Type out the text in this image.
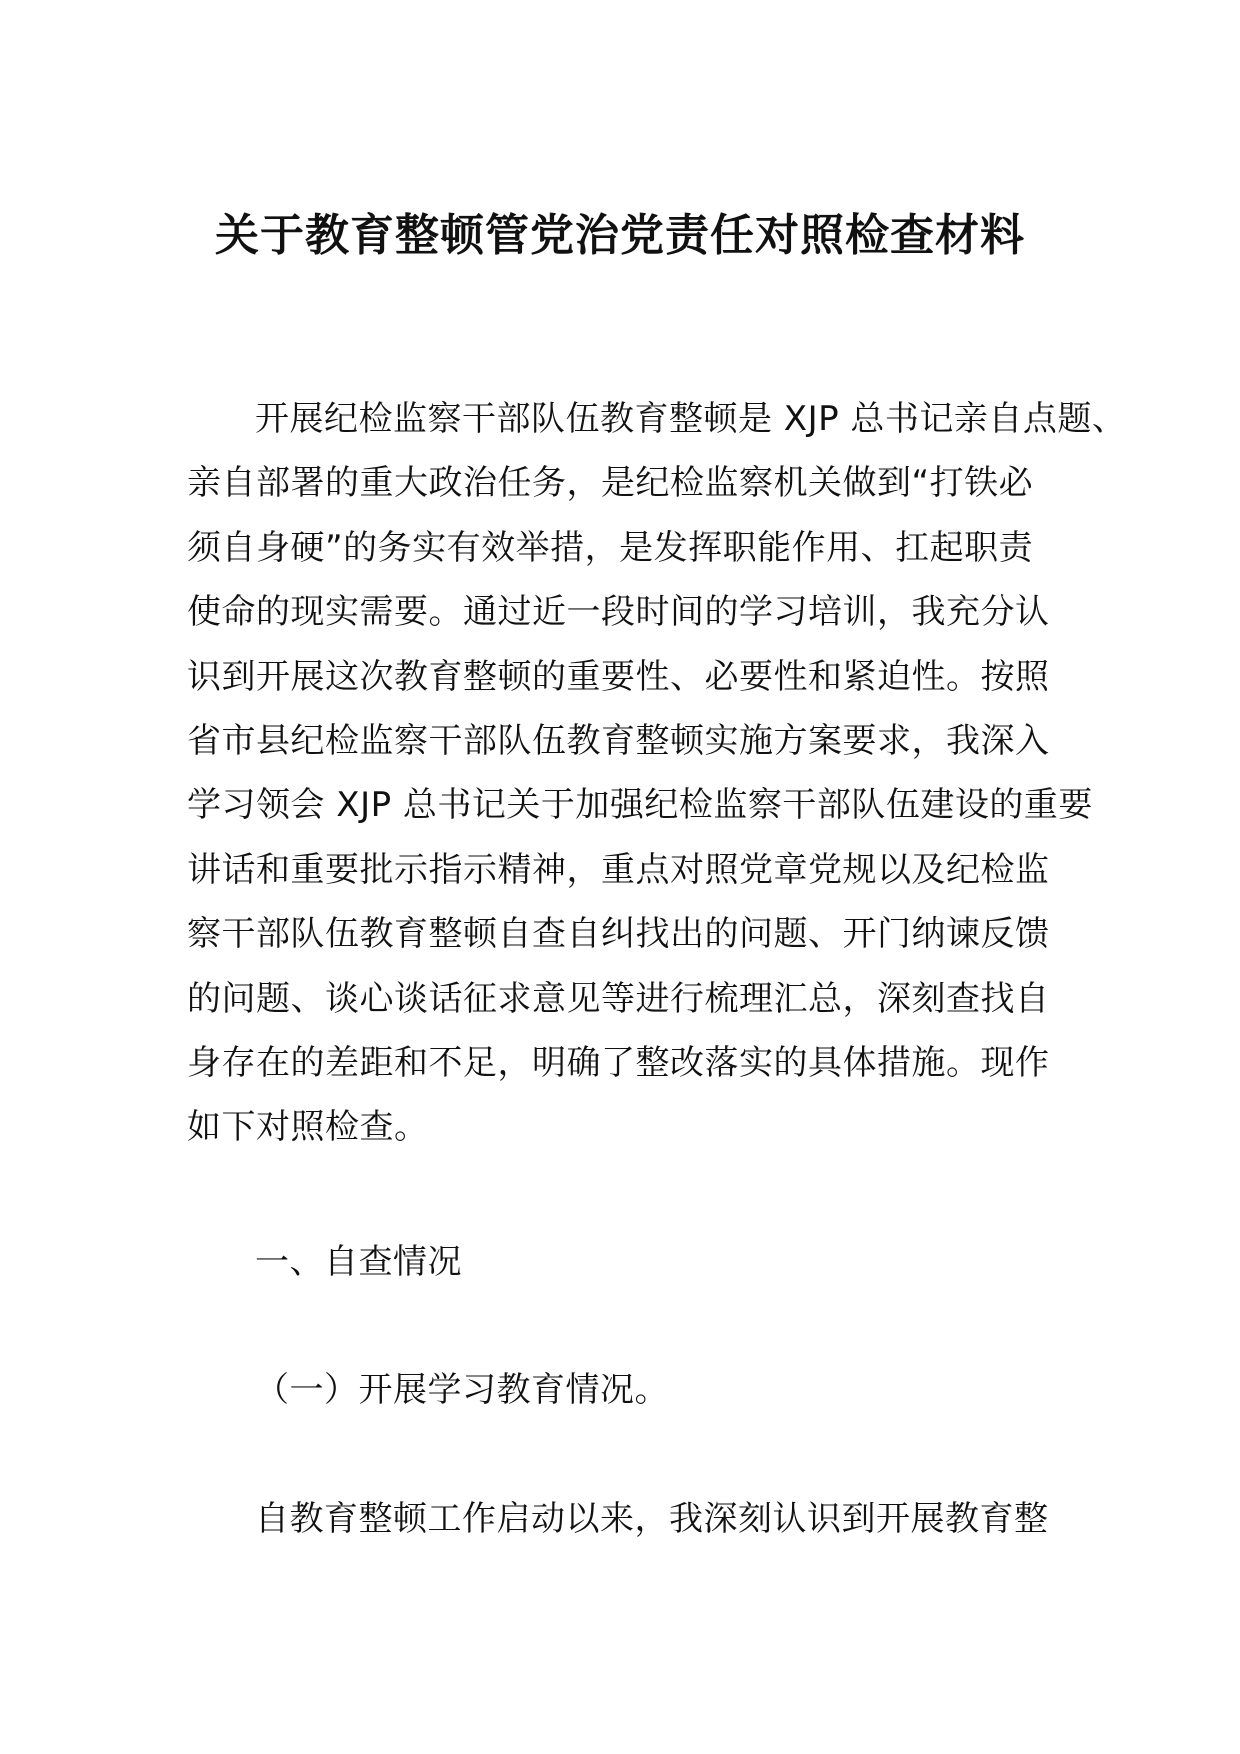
关于教育整顿管党治党责任对照检查材料
开展纪检监察干部队伍教育整顿是 XJP 总书记亲自点题、
亲自部署的重大政治任务，是纪检监察机关做到“打铁必
须自身硬”的务实有效举措，是发挥职能作用、扛起职责
使命的现实需要。通过近一段时间的学习培训，我充分认
识到开展这次教育整顿的重要性、必要性和紧迫性。按照
省市县纪检监察干部队伍教育整顿实施方案要求，我深入
学习领会 XJP 总书记关于加强纪检监察干部队伍建设的重要
讲话和重要批示指示精神，重点对照党章党规以及纪检监
察干部队伍教育整顿自查自纠找出的问题、开门纳谏反馈
的问题、谈心谈话征求意见等进行梳理汇总，深刻查找自
身存在的差距和不足，明确了整改落实的具体措施。现作
如下对照检查。
一、自查情况
（一）开展学习教育情况。
自教育整顿工作启动以来，我深刻认识到开展教育整
